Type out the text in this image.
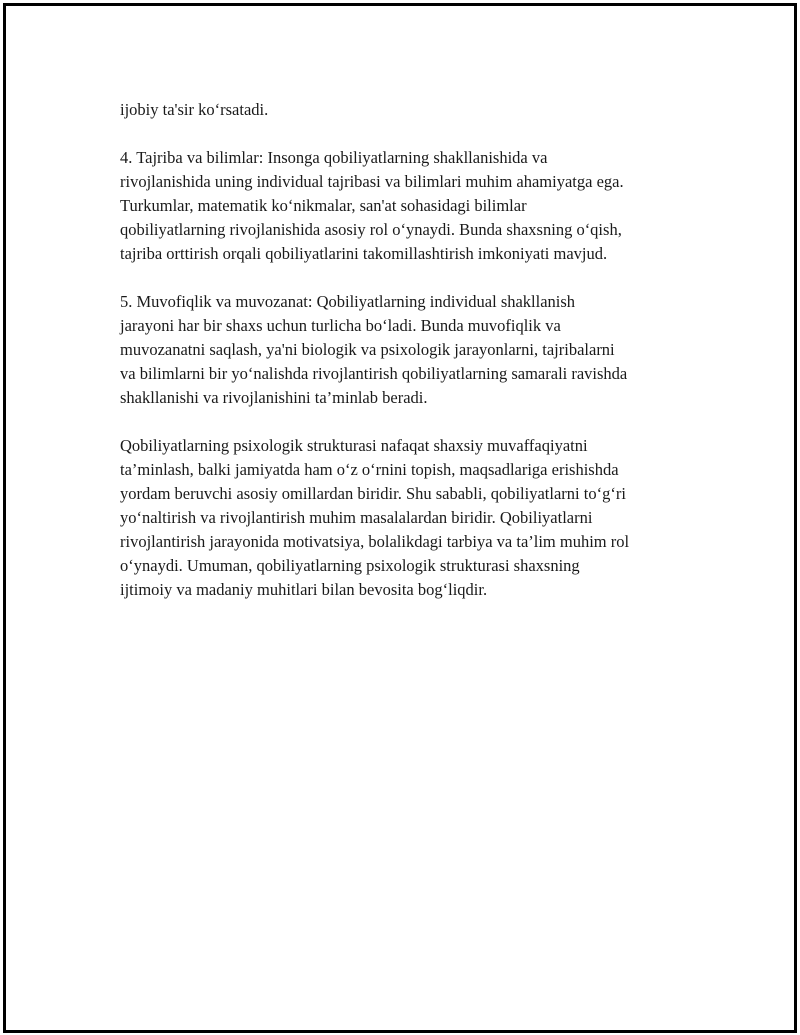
ijobiy ta'sir ko‘rsatadi.

4. Tajriba va bilimlar: Insonga qobiliyatlarning shakllanishida va
rivojlanishida uning individual tajribasi va bilimlari muhim ahamiyatga ega.
Turkumlar, matematik ko‘nikmalar, san'at sohasidagi bilimlar
qobiliyatlarning rivojlanishida asosiy rol o‘ynaydi. Bunda shaxsning o‘qish,
tajriba orttirish orqali qobiliyatlarini takomillashtirish imkoniyati mavjud.

5. Muvofiqlik va muvozanat: Qobiliyatlarning individual shakllanish
jarayoni har bir shaxs uchun turlicha bo‘ladi. Bunda muvofiqlik va
muvozanatni saqlash, ya'ni biologik va psixologik jarayonlarni, tajribalarni
va bilimlarni bir yo‘nalishda rivojlantirish qobiliyatlarning samarali ravishda
shakllanishi va rivojlanishini ta’minlab beradi.

Qobiliyatlarning psixologik strukturasi nafaqat shaxsiy muvaffaqiyatni
ta’minlash, balki jamiyatda ham o‘z o‘rnini topish, maqsadlariga erishishda
yordam beruvchi asosiy omillardan biridir. Shu sababli, qobiliyatlarni to‘g‘ri
yo‘naltirish va rivojlantirish muhim masalalardan biridir. Qobiliyatlarni
rivojlantirish jarayonida motivatsiya, bolalikdagi tarbiya va ta’lim muhim rol
o‘ynaydi. Umuman, qobiliyatlarning psixologik strukturasi shaxsning
ijtimoiy va madaniy muhitlari bilan bevosita bog‘liqdir.
